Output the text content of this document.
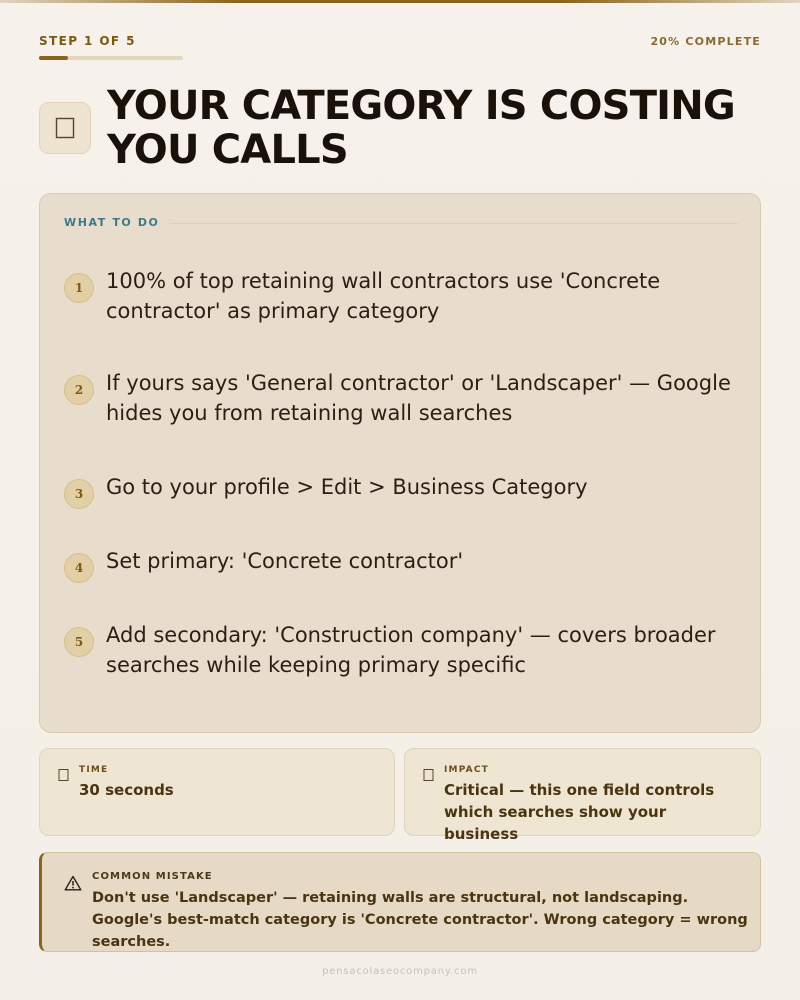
STEP 1 OF 5	20% COMPLETE
YOUR CATEGORY IS COSTING YOU CALLS
WHAT TO DO
1	100% of top retaining wall contractors use 'Concrete contractor' as primary category
2	If yours says 'General contractor' or 'Landscaper' — Google hides you from retaining wall searches
3	Go to your profile > Edit > Business Category
4	Set primary: 'Concrete contractor'
5	Add secondary: 'Construction company' — covers broader searches while keeping primary specific
TIME
30 seconds
IMPACT
Critical — this one field controls which searches show your business
COMMON MISTAKE
Don't use 'Landscaper' — retaining walls are structural, not landscaping. Google's best-match category is 'Concrete contractor'. Wrong category = wrong searches.
pensacolaseocompany.com
